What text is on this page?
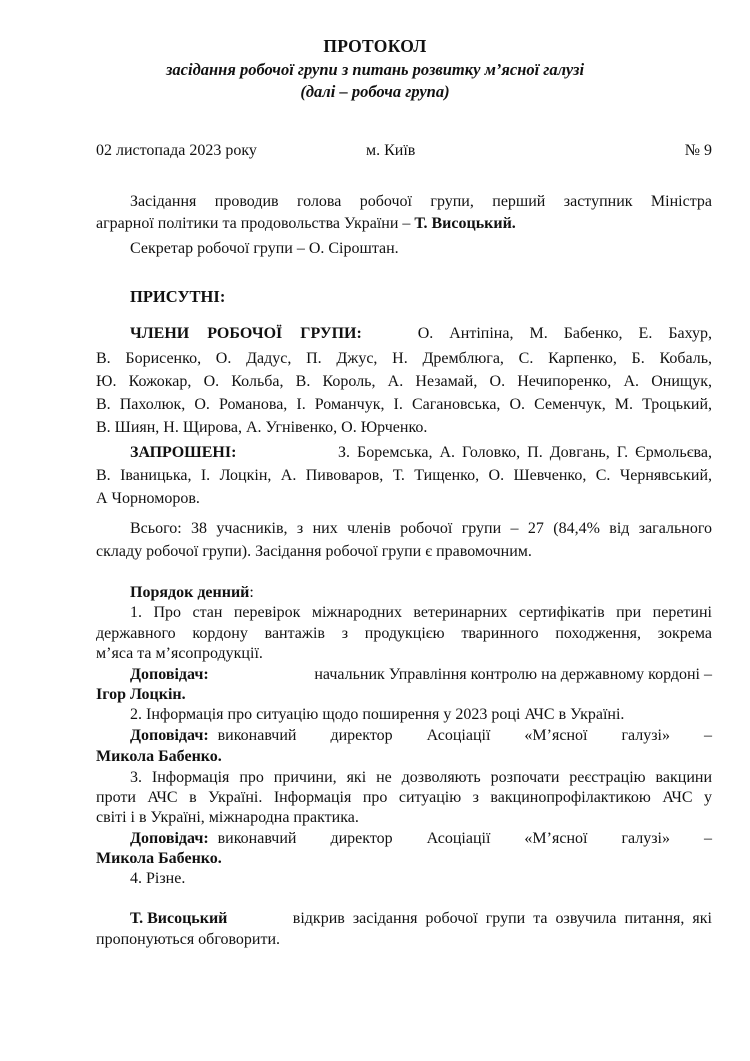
ПРОТОКОЛ
засідання робочої групи з питань розвитку м’ясної галузі
(далі – робоча група)
02 листопада 2023 року	м. Київ	№ 9
Засідання проводив голова робочої групи, перший заступник Міністра
аграрної політики та продовольства України – Т. Висоцький.
Секретар робочої групи – О. Сіроштан.
ПРИСУТНІ:
ЧЛЕНИ РОБОЧОЇ ГРУПИ:	О. Антіпіна, М. Бабенко, Е. Бахур,
В. Борисенко, О. Дадус, П. Джус, Н. Дремблюга, С. Карпенко, Б. Кобаль,
Ю. Кожокар, О. Кольба, В. Король, А. Незамай, О. Нечипоренко, А. Онищук,
В. Пахолюк, О. Романова, І. Романчук, І. Сагановська, О. Семенчук, М. Троцький,
В. Шиян, Н. Щирова, А. Угнівенко, О. Юрченко.
ЗАПРОШЕНІ:	З. Боремська, А. Головко, П. Довгань, Г. Єрмольєва,
В. Іваницька, І. Лоцкін, А. Пивоваров, Т. Тищенко, О. Шевченко, С. Чернявський,
А Чорноморов.
Всього: 38 учасників, з них членів робочої групи – 27 (84,4% від загального
складу робочої групи). Засідання робочої групи є правомочним.
Порядок денний:
1. Про стан перевірок міжнародних ветеринарних сертифікатів при перетині
державного кордону вантажів з продукцією тваринного походження, зокрема
м’яса та м’ясопродукції.
Доповідач:	начальник Управління контролю на державному кордоні –
Ігор Лоцкін.
2. Інформація про ситуацію щодо поширення у 2023 році АЧС в Україні.
Доповідач: виконавчий директор Асоціації «М’ясної галузі» –
Микола Бабенко.
3. Інформація про причини, які не дозволяють розпочати реєстрацію вакцини
проти АЧС в Україні. Інформація про ситуацію з вакцинопрофілактикою АЧС у
світі і в Україні, міжнародна практика.
Доповідач: виконавчий директор Асоціації «М’ясної галузі» –
Микола Бабенко.
4. Різне.
Т. Висоцький	відкрив засідання робочої групи та озвучила питання, які
пропонуються обговорити.
